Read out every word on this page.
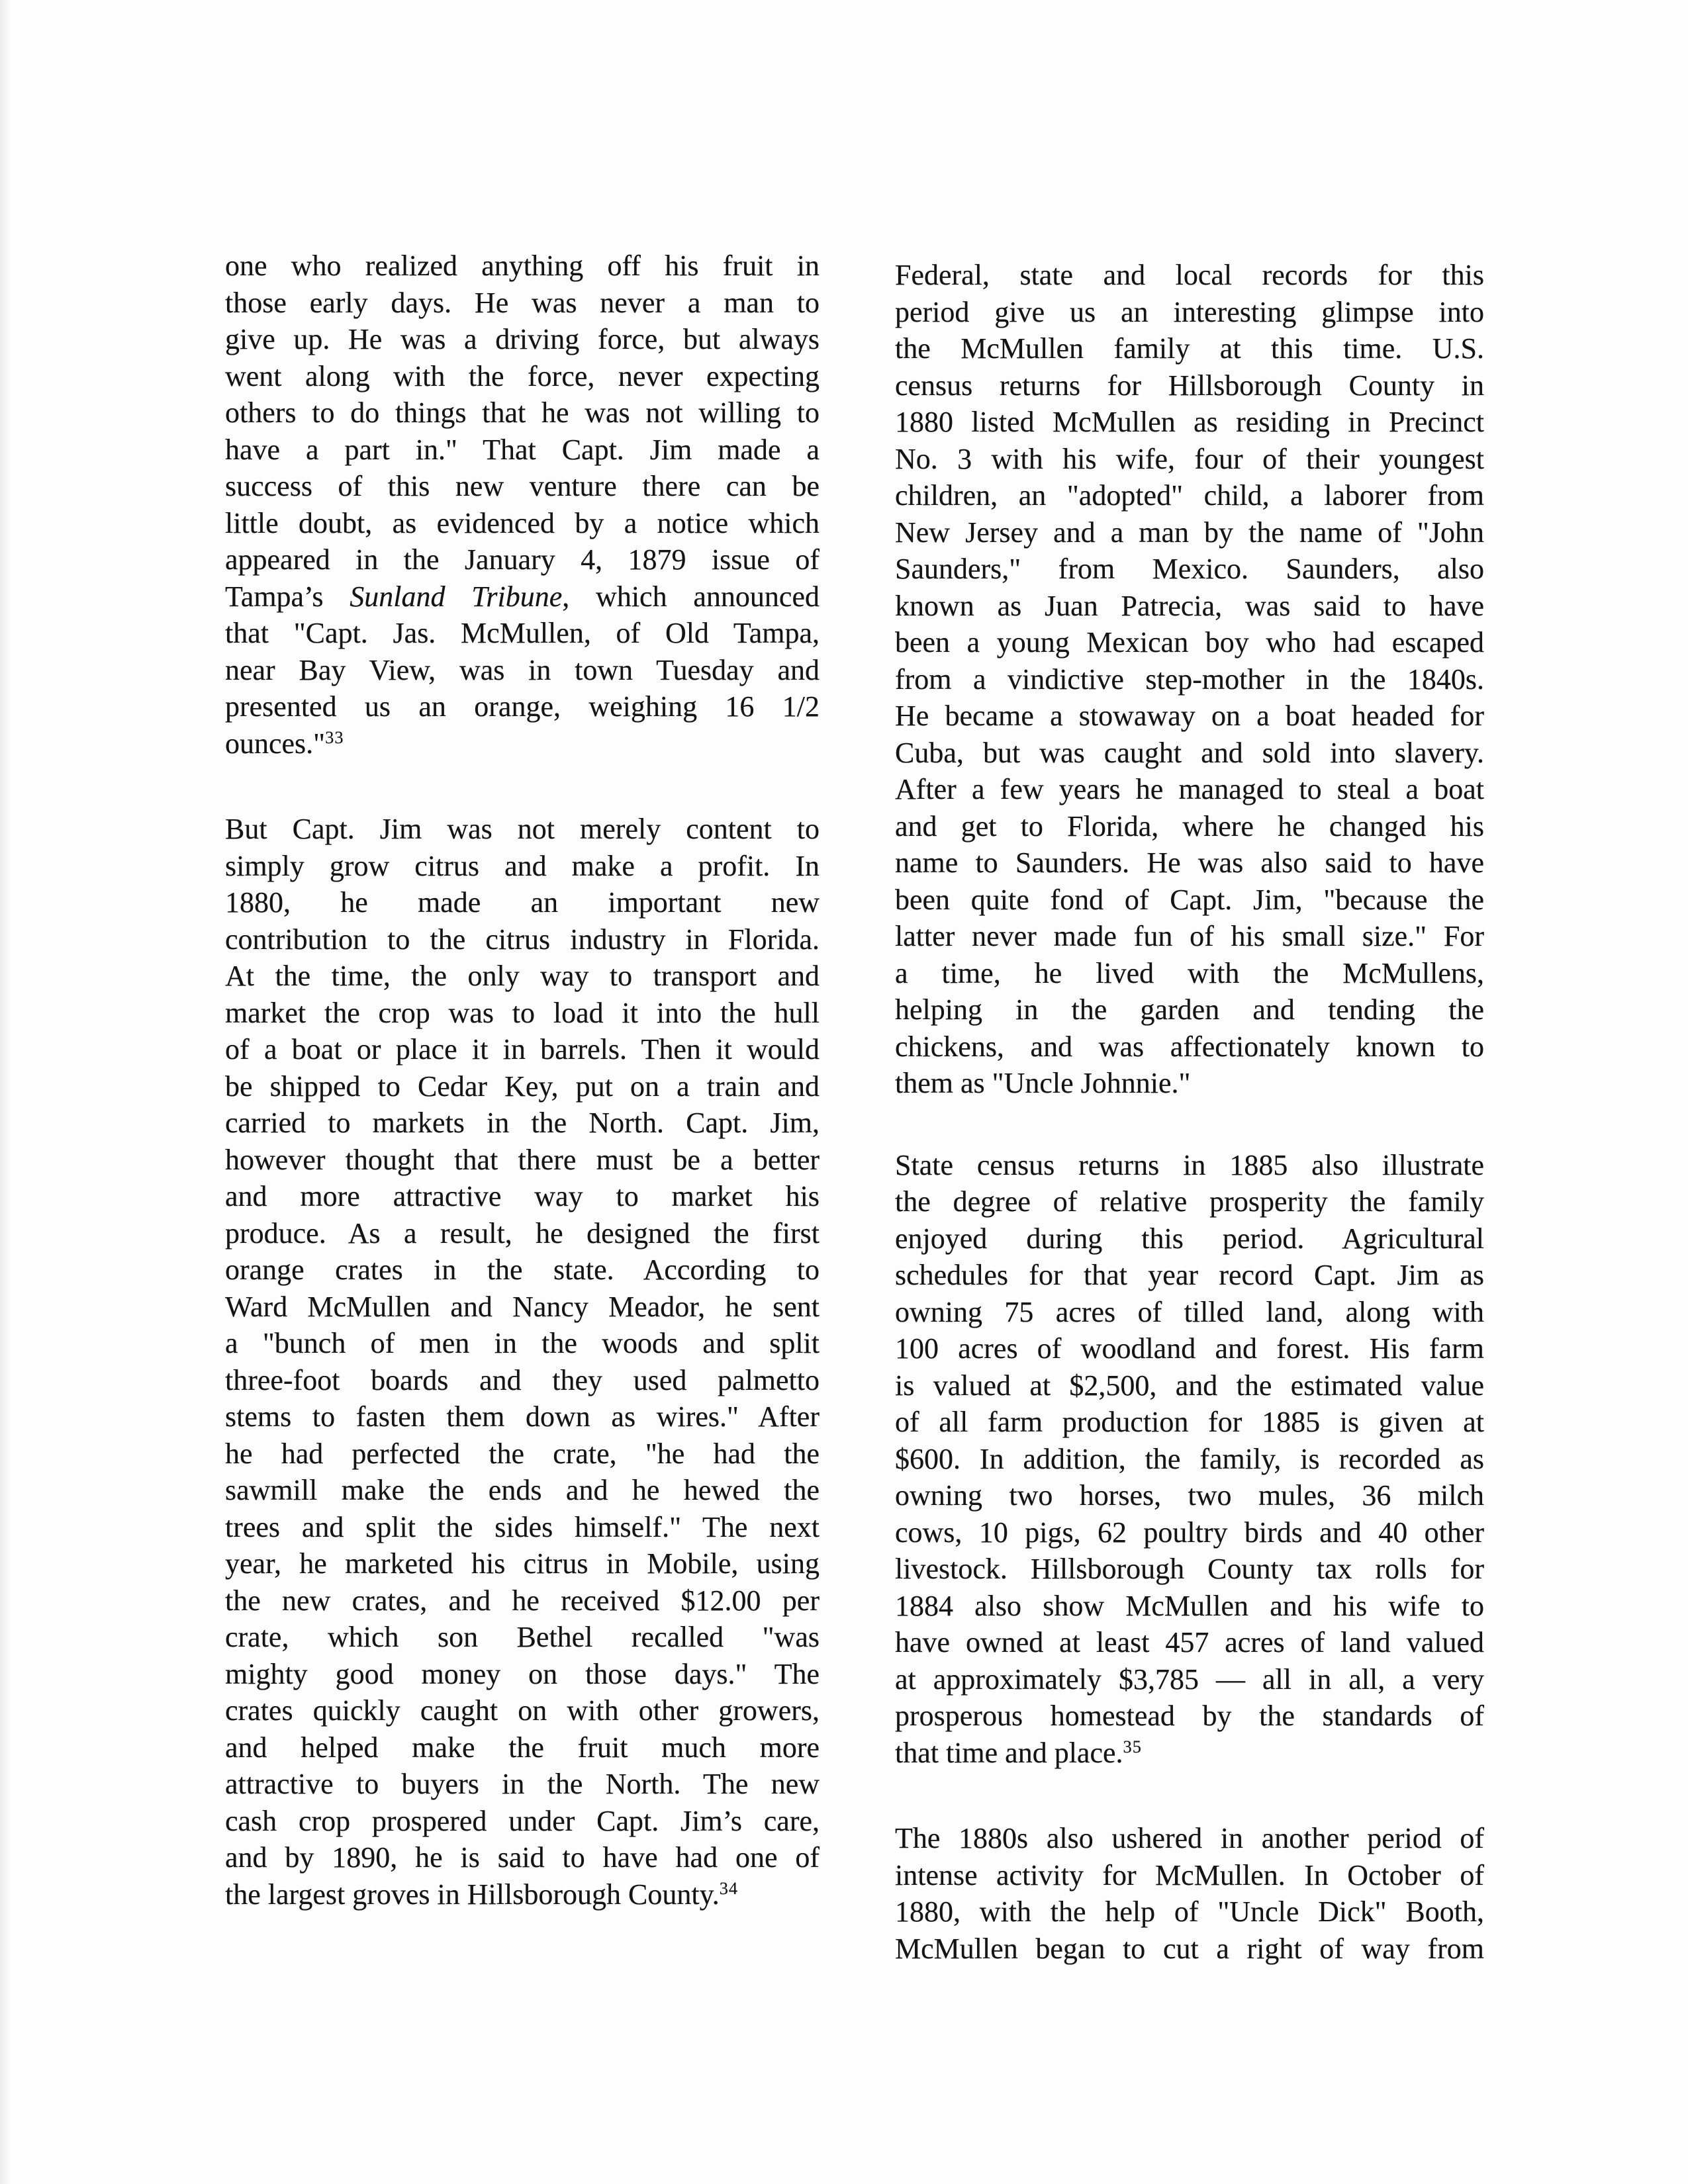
one who realized anything off his fruit in
those early days. He was never a man to
give up. He was a driving force, but always
went along with the force, never expecting
others to do things that he was not willing to
have a part in." That Capt. Jim made a
success of this new venture there can be
little doubt, as evidenced by a notice which
appeared in the January 4, 1879 issue of
Tampa’s Sunland Tribune, which announced
that "Capt. Jas. McMullen, of Old Tampa,
near Bay View, was in town Tuesday and
presented us an orange, weighing 16 1/2
ounces."$^{33}$
But Capt. Jim was not merely content to
simply grow citrus and make a profit. In
1880, he made an important new
contribution to the citrus industry in Florida.
At the time, the only way to transport and
market the crop was to load it into the hull
of a boat or place it in barrels. Then it would
be shipped to Cedar Key, put on a train and
carried to markets in the North. Capt. Jim,
however thought that there must be a better
and more attractive way to market his
produce. As a result, he designed the first
orange crates in the state. According to
Ward McMullen and Nancy Meador, he sent
a "bunch of men in the woods and split
three-foot boards and they used palmetto
stems to fasten them down as wires." After
he had perfected the crate, "he had the
sawmill make the ends and he hewed the
trees and split the sides himself." The next
year, he marketed his citrus in Mobile, using
the new crates, and he received $12.00 per
crate, which son Bethel recalled "was
mighty good money on those days." The
crates quickly caught on with other growers,
and helped make the fruit much more
attractive to buyers in the North. The new
cash crop prospered under Capt. Jim’s care,
and by 1890, he is said to have had one of
the largest groves in Hillsborough County.$^{34}$
Federal, state and local records for this
period give us an interesting glimpse into
the McMullen family at this time. U.S.
census returns for Hillsborough County in
1880 listed McMullen as residing in Precinct
No. 3 with his wife, four of their youngest
children, an "adopted" child, a laborer from
New Jersey and a man by the name of "John
Saunders," from Mexico. Saunders, also
known as Juan Patrecia, was said to have
been a young Mexican boy who had escaped
from a vindictive step-mother in the 1840s.
He became a stowaway on a boat headed for
Cuba, but was caught and sold into slavery.
After a few years he managed to steal a boat
and get to Florida, where he changed his
name to Saunders. He was also said to have
been quite fond of Capt. Jim, "because the
latter never made fun of his small size." For
a time, he lived with the McMullens,
helping in the garden and tending the
chickens, and was affectionately known to
them as "Uncle Johnnie."
State census returns in 1885 also illustrate
the degree of relative prosperity the family
enjoyed during this period. Agricultural
schedules for that year record Capt. Jim as
owning 75 acres of tilled land, along with
100 acres of woodland and forest. His farm
is valued at $2,500, and the estimated value
of all farm production for 1885 is given at
$600. In addition, the family, is recorded as
owning two horses, two mules, 36 milch
cows, 10 pigs, 62 poultry birds and 40 other
livestock. Hillsborough County tax rolls for
1884 also show McMullen and his wife to
have owned at least 457 acres of land valued
at approximately $3,785 — all in all, a very
prosperous homestead by the standards of
that time and place.$^{35}$
The 1880s also ushered in another period of
intense activity for McMullen. In October of
1880, with the help of "Uncle Dick" Booth,
McMullen began to cut a right of way from
